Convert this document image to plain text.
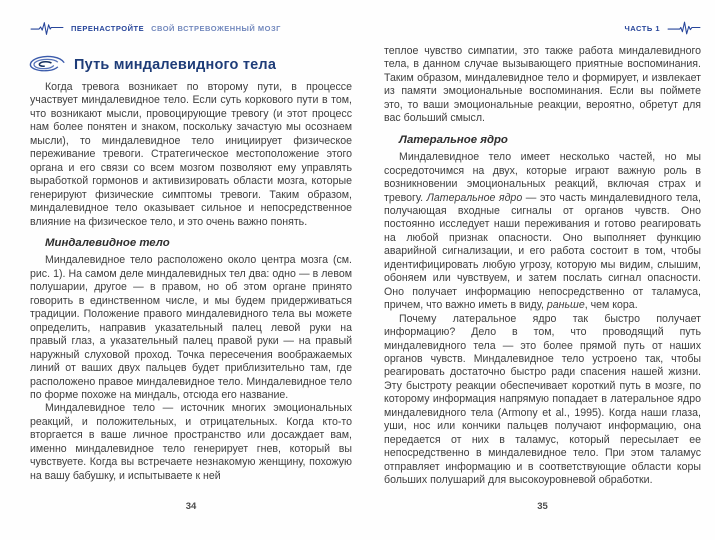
ПЕРЕНАСТРОЙТЕ СВОЙ ВСТРЕВОЖЕННЫЙ МОЗГ
Путь миндалевидного тела
Когда тревога возникает по второму пути, в процессе участвует миндалевидное тело. Если суть коркового пути в том, что возникают мысли, провоцирующие тревогу (и этот процесс нам более понятен и знаком, поскольку зачастую мы осознаем мысли), то миндалевидное тело инициирует физическое переживание тревоги. Стратегическое местоположение этого органа и его связи со всем мозгом позволяют ему управлять выработкой гормонов и активизировать области мозга, которые генерируют физические симптомы тревоги. Таким образом, миндалевидное тело оказывает сильное и непосредственное влияние на физическое тело, и это очень важно понять.
Миндалевидное тело
Миндалевидное тело расположено около центра мозга (см. рис. 1). На самом деле миндалевидных тел два: одно — в левом полушарии, другое — в правом, но об этом органе принято говорить в единственном числе, и мы будем придерживаться традиции. Положение правого миндалевидного тела вы можете определить, направив указательный палец левой руки на правый глаз, а указательный палец правой руки — на правый наружный слуховой проход. Точка пересечения воображаемых линий от ваших двух пальцев будет приблизительно там, где расположено правое миндалевидное тело. Миндалевидное тело по форме похоже на миндаль, отсюда его название.
Миндалевидное тело — источник многих эмоциональных реакций, и положительных, и отрицательных. Когда кто-то вторгается в ваше личное пространство или досаждает вам, именно миндалевидное тело генерирует гнев, который вы чувствуете. Когда вы встречаете незнакомую женщину, похожую на вашу бабушку, и испытываете к ней
34
ЧАСТЬ 1
теплое чувство симпатии, это также работа миндалевидного тела, в данном случае вызывающего приятные воспоминания. Таким образом, миндалевидное тело и формирует, и извлекает из памяти эмоциональные воспоминания. Если вы поймете это, то ваши эмоциональные реакции, вероятно, обретут для вас больший смысл.
Латеральное ядро
Миндалевидное тело имеет несколько частей, но мы сосредоточимся на двух, которые играют важную роль в возникновении эмоциональных реакций, включая страх и тревогу. Латеральное ядро — это часть миндалевидного тела, получающая входные сигналы от органов чувств. Оно постоянно исследует наши переживания и готово реагировать на любой признак опасности. Оно выполняет функцию аварийной сигнализации, и его работа состоит в том, чтобы идентифицировать любую угрозу, которую мы видим, слышим, обоняем или чувствуем, и затем послать сигнал опасности. Оно получает информацию непосредственно от таламуса, причем, что важно иметь в виду, раньше, чем кора.
Почему латеральное ядро так быстро получает информацию? Дело в том, что проводящий путь миндалевидного тела — это более прямой путь от наших органов чувств. Миндалевидное тело устроено так, чтобы реагировать достаточно быстро ради спасения нашей жизни. Эту быстроту реакции обеспечивает короткий путь в мозге, по которому информация напрямую попадает в латеральное ядро миндалевидного тела (Armony et al., 1995). Когда наши глаза, уши, нос или кончики пальцев получают информацию, она передается от них в таламус, который пересылает ее непосредственно в миндалевидное тело. При этом таламус отправляет информацию и в соответствующие области коры больших полушарий для высокоуровневой обработки.
35
